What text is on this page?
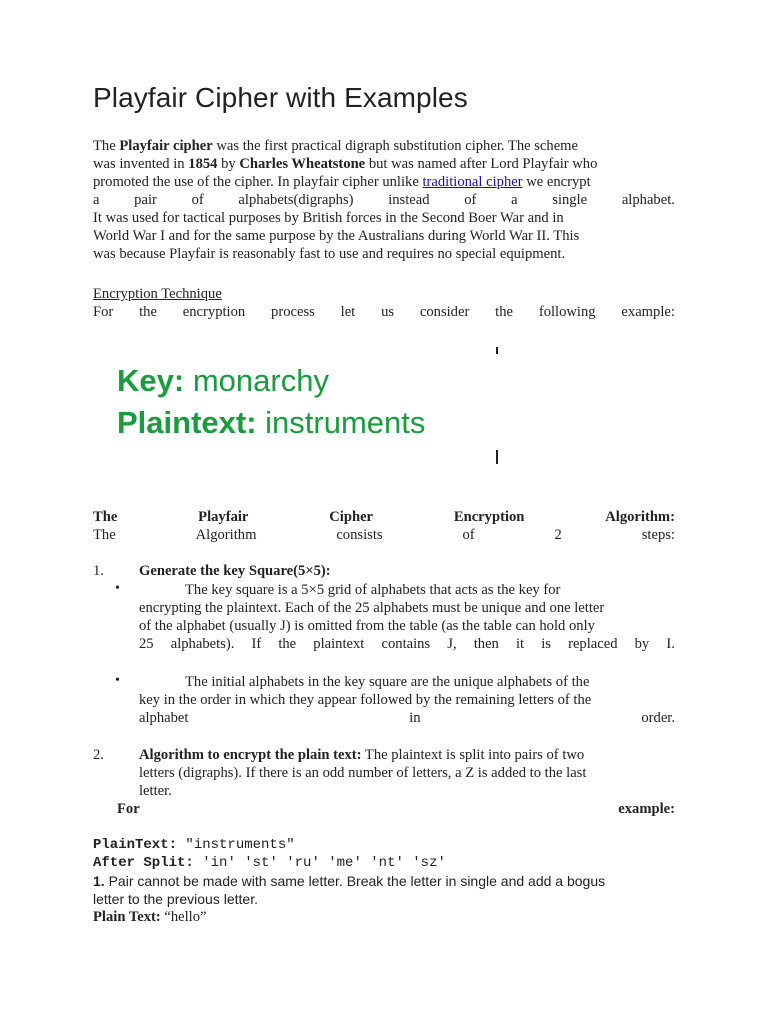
Playfair Cipher with Examples
The Playfair cipher was the first practical digraph substitution cipher. The scheme
was invented in 1854 by Charles Wheatstone but was named after Lord Playfair who
promoted the use of the cipher. In playfair cipher unlike traditional cipher we encrypt
a pair of alphabets(digraphs) instead of a single alphabet.
It was used for tactical purposes by British forces in the Second Boer War and in
World War I and for the same purpose by the Australians during World War II. This
was because Playfair is reasonably fast to use and requires no special equipment.
Encryption Technique
For the encryption process let us consider the following example:
Key: monarchy
Plaintext: instruments
The	Playfair	Cipher	Encryption	Algorithm:
The	Algorithm	consists	of	2	steps:
1. Generate the key Square(5×5):
•	The key square is a 5×5 grid of alphabets that acts as the key for
encrypting the plaintext. Each of the 25 alphabets must be unique and one letter
of the alphabet (usually J) is omitted from the table (as the table can hold only
25 alphabets). If the plaintext contains J, then it is replaced by I.
•	The initial alphabets in the key square are the unique alphabets of the
key in the order in which they appear followed by the remaining letters of the
alphabet	in	order.
2.	Algorithm to encrypt the plain text: The plaintext is split into pairs of two
letters (digraphs). If there is an odd number of letters, a Z is added to the last
letter.
For	example:
PlainText: "instruments"
After Split: 'in' 'st' 'ru' 'me' 'nt' 'sz'
1. Pair cannot be made with same letter. Break the letter in single and add a bogus
letter to the previous letter.
Plain Text: “hello”
